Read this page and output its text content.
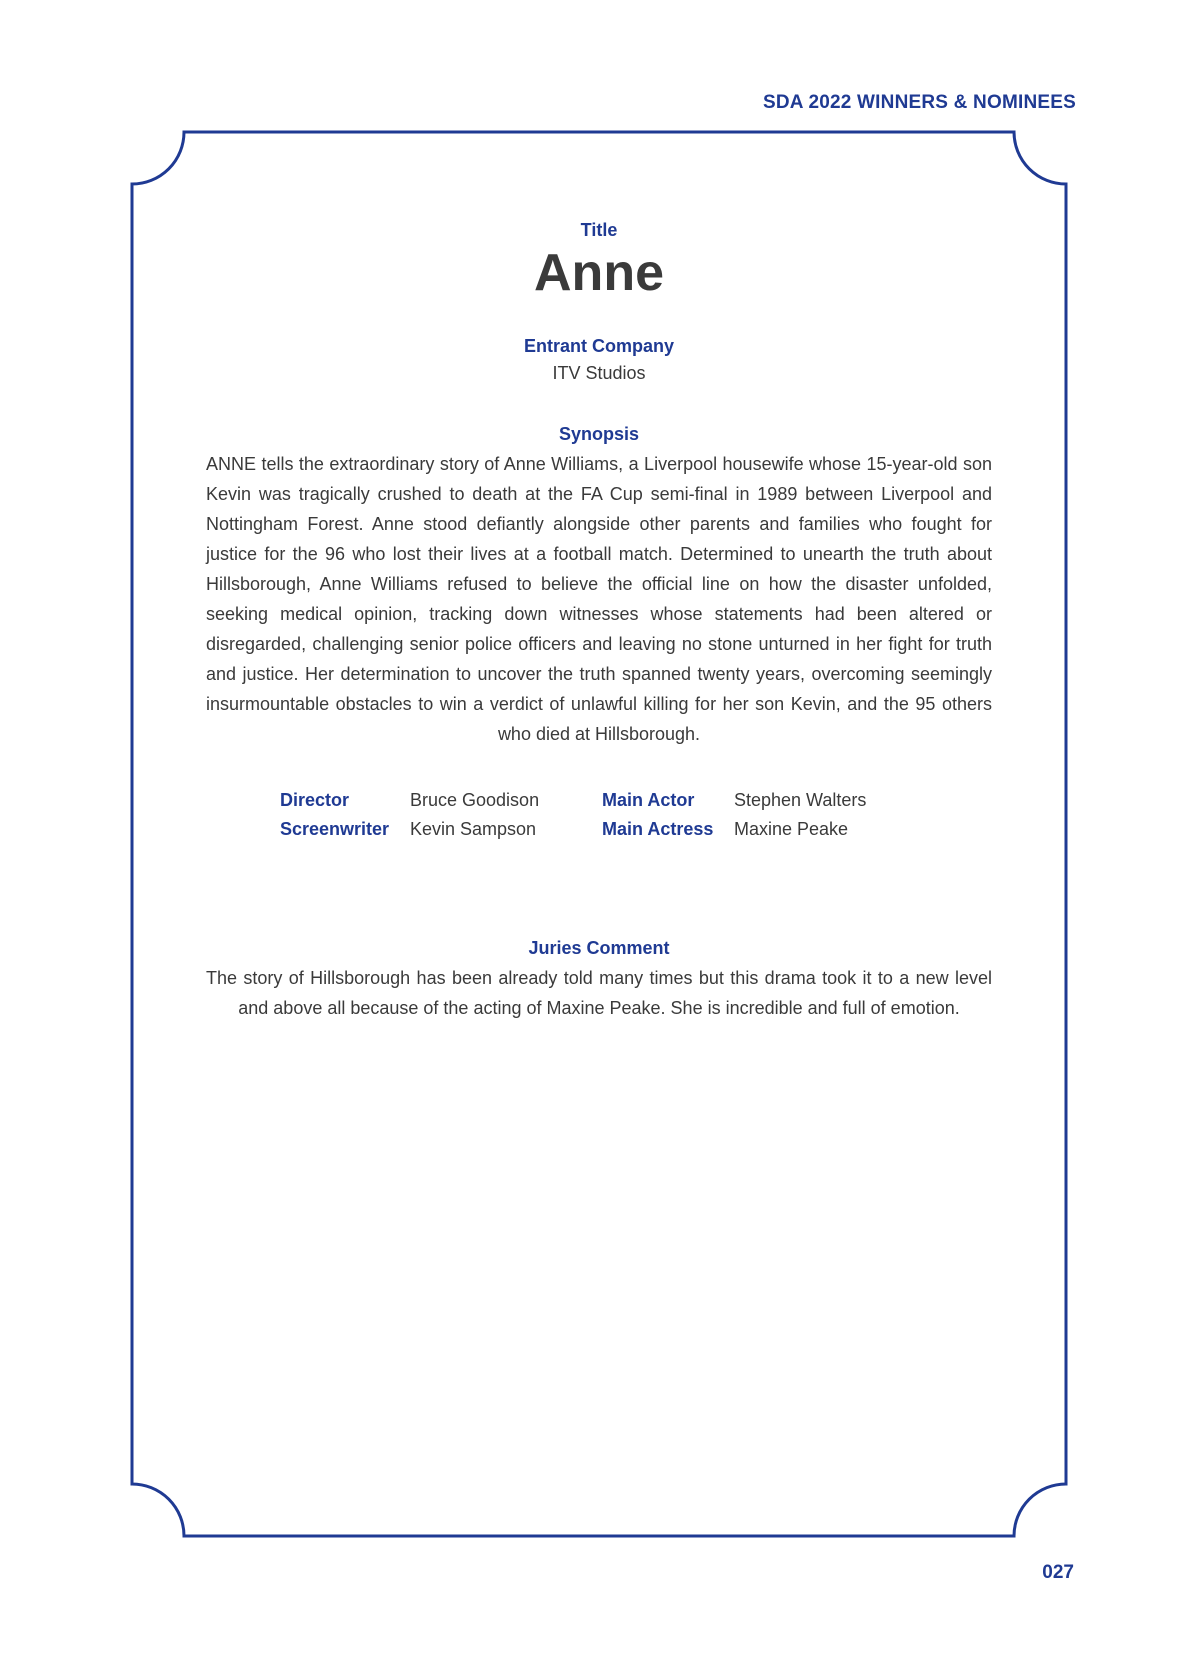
SDA 2022 WINNERS & NOMINEES
Title
Anne
Entrant Company
ITV Studios
Synopsis
ANNE tells the extraordinary story of Anne Williams, a Liverpool housewife whose 15-year-old son Kevin was tragically crushed to death at the FA Cup semi-final in 1989 between Liverpool and Nottingham Forest. Anne stood defiantly alongside other parents and families who fought for justice for the 96 who lost their lives at a football match. Determined to unearth the truth about Hillsborough, Anne Williams refused to believe the official line on how the disaster unfolded, seeking medical opinion, tracking down witnesses whose statements had been altered or disregarded, challenging senior police officers and leaving no stone unturned in her fight for truth and justice. Her determination to uncover the truth spanned twenty years, overcoming seemingly insurmountable obstacles to win a verdict of unlawful killing for her son Kevin, and the 95 others who died at Hillsborough.
Director	Bruce Goodison	Main Actor	Stephen Walters
Screenwriter	Kevin Sampson	Main Actress	Maxine Peake
Juries Comment
The story of Hillsborough has been already told many times but this drama took it to a new level and above all because of the acting of Maxine Peake. She is incredible and full of emotion.
027
